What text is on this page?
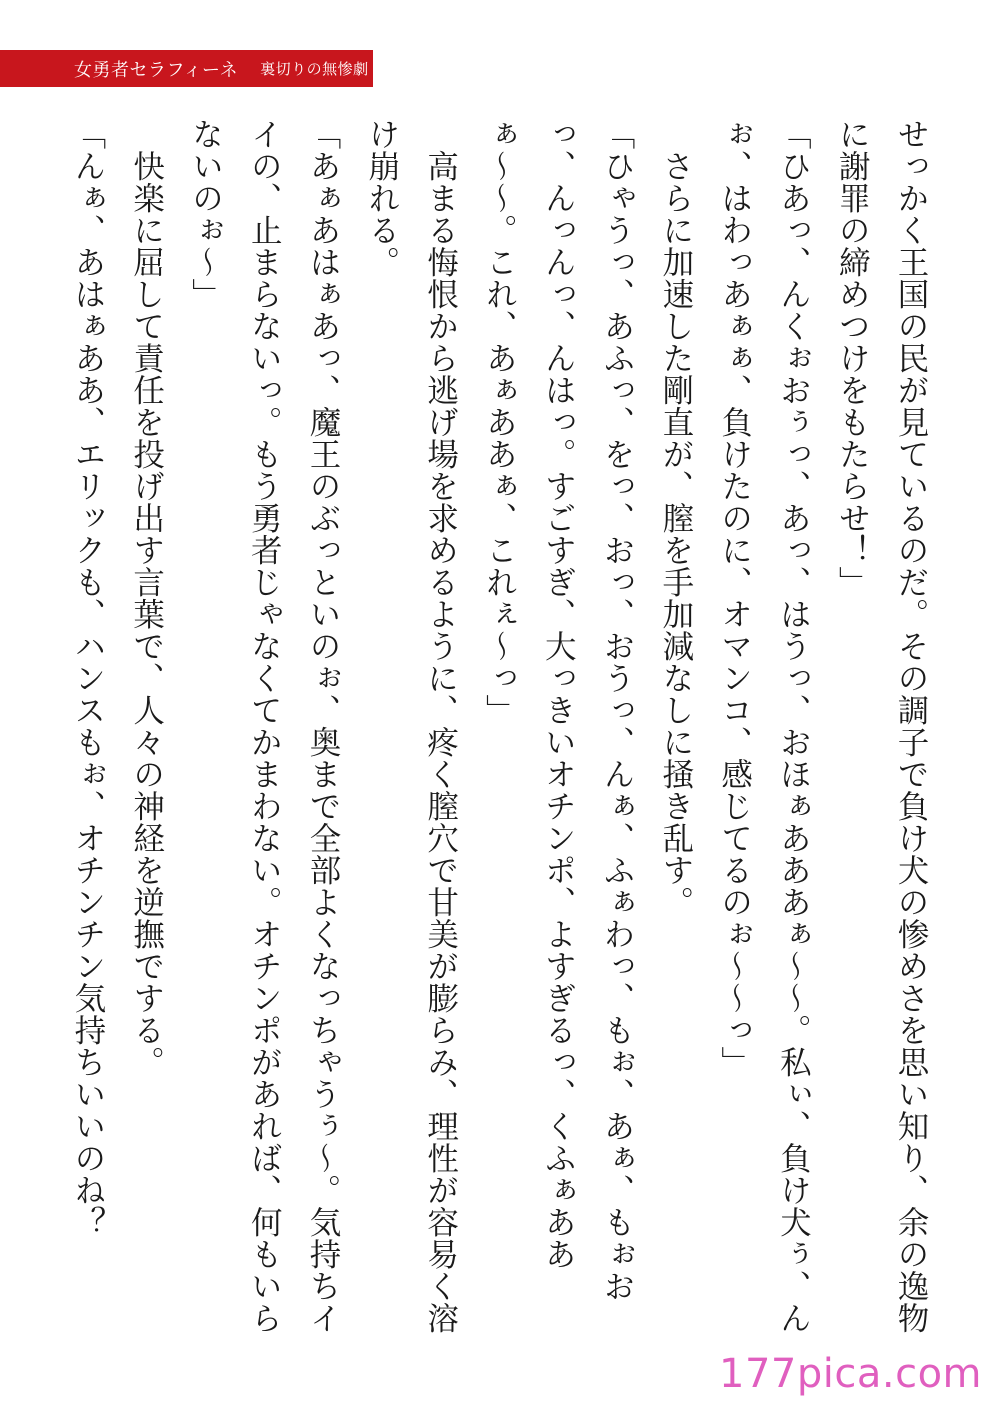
女勇者セラフィーネ 裏切りの無惨劇

せっかく王国の民が見ているのだ。その調子で負け犬の惨めさを思い知り、余の逸物に謝罪の締めつけをもたらせ！」

「ひあっ、んくぉおぅっ、あっ、はうっ、おほぁあああぁ〜〜。私ぃ、負け犬ぅ、んぉ、はわっあぁぁ、負けたのに、オマンコ、感じてるのぉ〜〜っ」

　さらに加速した剛直が、膣を手加減なしに掻き乱す。

「ひゃうっ、あふっ、をっ、おっ、おうっ、んぁ、ふぁわっ、もぉ、あぁ、もぉおっ、んっんっ、んはっ。すごすぎ、大っきいオチンポ、よすぎるっ、くふぁああぁ〜〜。これ、あぁああぁ、これぇ〜っ」

　高まる悔恨から逃げ場を求めるように、疼く膣穴で甘美が膨らみ、理性が容易く溶け崩れる。

「あぁあはぁあっ、魔王のぶっといのぉ、奥まで全部よくなっちゃうぅ〜。気持ちイイの、止まらないっ。もう勇者じゃなくてかまわない。オチンポがあれば、何もいらないのぉ〜」

　快楽に屈して責任を投げ出す言葉で、人々の神経を逆撫でする。

「んぁ、あはぁああ、エリックも、ハンスもぉ、オチンチン気持ちいいのね？

177pica.com
